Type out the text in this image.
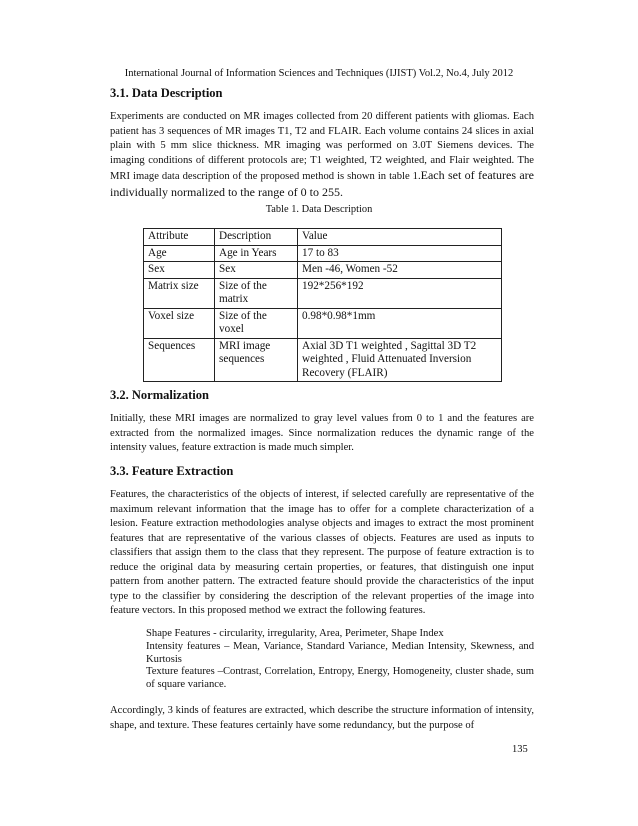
International Journal of Information Sciences and Techniques (IJIST) Vol.2, No.4, July 2012
3.1. Data Description
Experiments are conducted on MR images collected from 20 different patients with gliomas. Each patient has 3 sequences of MR images T1, T2 and FLAIR. Each volume contains 24 slices in axial plain with 5 mm slice thickness. MR imaging was performed on 3.0T Siemens devices. The imaging conditions of different protocols are; T1 weighted, T2 weighted, and Flair weighted. The MRI image data description of the proposed method is shown in table 1.Each set of features are individually normalized to the range of 0 to 255.
Table 1. Data Description
Attribute	Description	Value
Age	Age in Years	17 to 83
Sex	Sex	Men -46, Women -52
Matrix size	Size of the matrix	192*256*192
Voxel size	Size of the voxel	0.98*0.98*1mm
Sequences	MRI image sequences	Axial 3D T1 weighted , Sagittal 3D T2 weighted , Fluid Attenuated Inversion Recovery (FLAIR)
3.2. Normalization
Initially, these MRI images are normalized to gray level values from 0 to 1 and the features are extracted from the normalized images. Since normalization reduces the dynamic range of the intensity values, feature extraction is made much simpler.
3.3. Feature Extraction
Features, the characteristics of the objects of interest, if selected carefully are representative of the maximum relevant information that the image has to offer for a complete characterization of a lesion. Feature extraction methodologies analyse objects and images to extract the most prominent features that are representative of the various classes of objects. Features are used as inputs to classifiers that assign them to the class that they represent. The purpose of feature extraction is to reduce the original data by measuring certain properties, or features, that distinguish one input pattern from another pattern. The extracted feature should provide the characteristics of the input type to the classifier by considering the description of the relevant properties of the image into feature vectors. In this proposed method we extract the following features.
Shape Features - circularity, irregularity, Area, Perimeter, Shape Index
Intensity features – Mean, Variance, Standard Variance, Median Intensity, Skewness, and Kurtosis
Texture features –Contrast, Correlation, Entropy, Energy, Homogeneity, cluster shade, sum of square variance.
Accordingly, 3 kinds of features are extracted, which describe the structure information of intensity, shape, and texture. These features certainly have some redundancy, but the purpose of
135
